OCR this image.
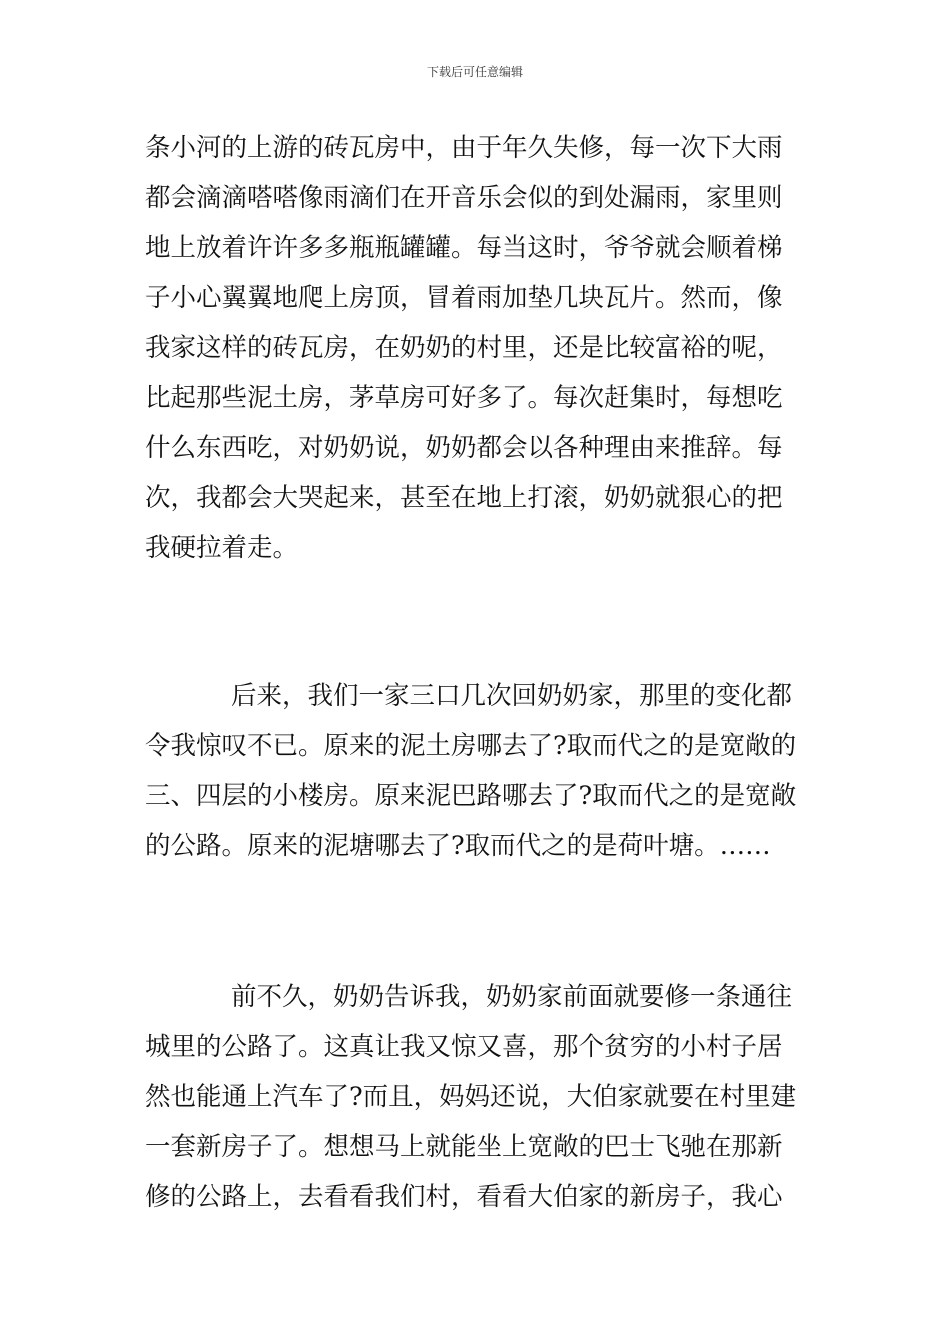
下载后可任意编辑
条小河的上游的砖瓦房中，由于年久失修，每一次下大雨
都会滴滴嗒嗒像雨滴们在开音乐会似的到处漏雨，家里则
地上放着许许多多瓶瓶罐罐。每当这时，爷爷就会顺着梯
子小心翼翼地爬上房顶，冒着雨加垫几块瓦片。然而，像
我家这样的砖瓦房，在奶奶的村里，还是比较富裕的呢，
比起那些泥土房，茅草房可好多了。每次赶集时，每想吃
什么东西吃，对奶奶说，奶奶都会以各种理由来推辞。每
次，我都会大哭起来，甚至在地上打滚，奶奶就狠心的把
我硬拉着走。
后来，我们一家三口几次回奶奶家，那里的变化都
令我惊叹不已。原来的泥土房哪去了?取而代之的是宽敞的
三、四层的小楼房。原来泥巴路哪去了?取而代之的是宽敞
的公路。原来的泥塘哪去了?取而代之的是荷叶塘。……
前不久，奶奶告诉我，奶奶家前面就要修一条通往
城里的公路了。这真让我又惊又喜，那个贫穷的小村子居
然也能通上汽车了?而且，妈妈还说，大伯家就要在村里建
一套新房子了。想想马上就能坐上宽敞的巴士飞驰在那新
修的公路上，去看看我们村，看看大伯家的新房子，我心
